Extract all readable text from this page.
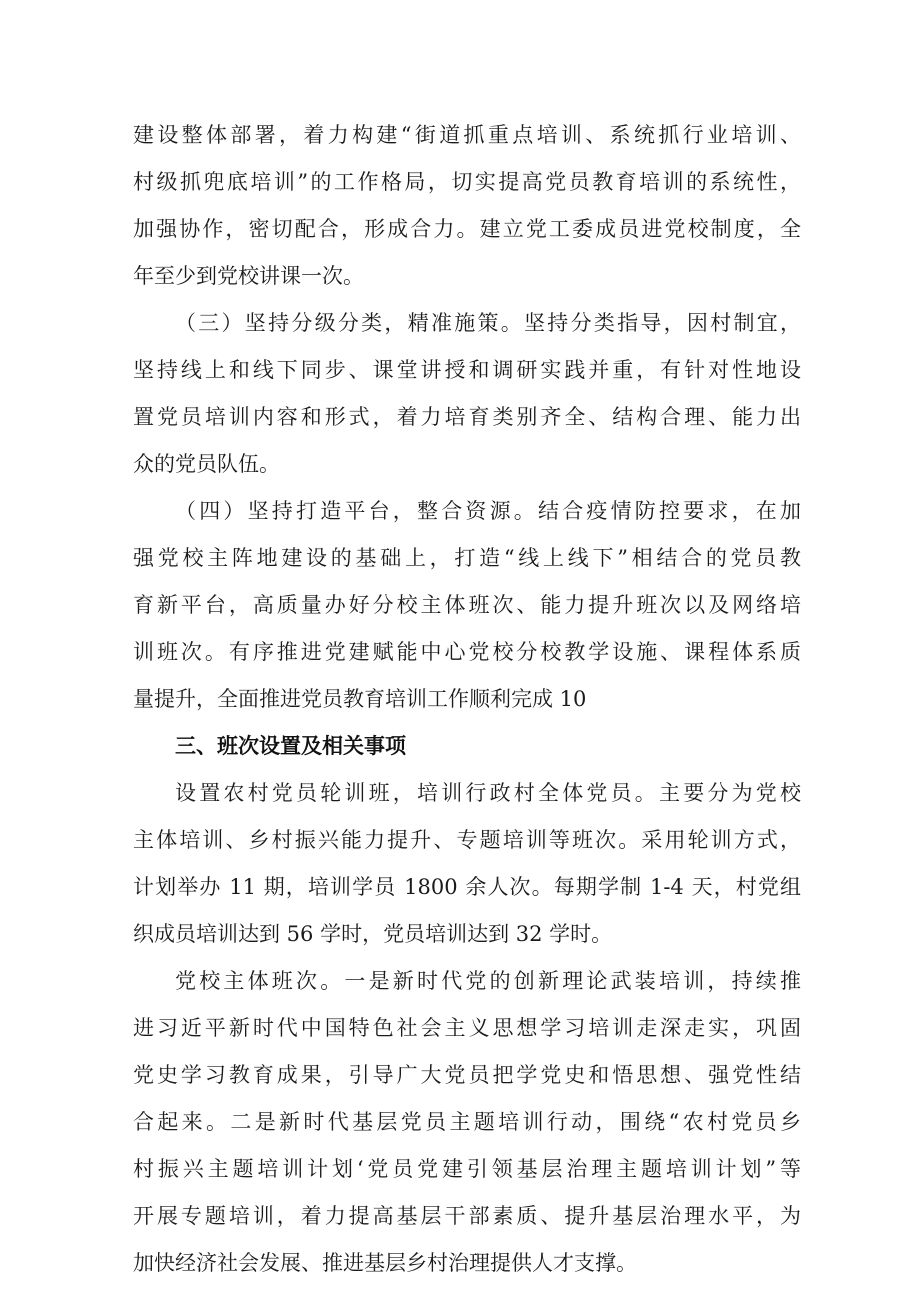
建设整体部署，着力构建“街道抓重点培训、系统抓行业培训、
村级抓兜底培训”的工作格局，切实提高党员教育培训的系统性，
加强协作，密切配合，形成合力。建立党工委成员进党校制度，全
年至少到党校讲课一次。
（三）坚持分级分类，精准施策。坚持分类指导，因村制宜，
坚持线上和线下同步、课堂讲授和调研实践并重，有针对性地设
置党员培训内容和形式，着力培育类别齐全、结构合理、能力出
众的党员队伍。
（四）坚持打造平台，整合资源。结合疫情防控要求，在加
强党校主阵地建设的基础上，打造“线上线下”相结合的党员教
育新平台，高质量办好分校主体班次、能力提升班次以及网络培
训班次。有序推进党建赋能中心党校分校教学设施、课程体系质
量提升，全面推进党员教育培训工作顺利完成 10
三、班次设置及相关事项
设置农村党员轮训班，培训行政村全体党员。主要分为党校
主体培训、乡村振兴能力提升、专题培训等班次。采用轮训方式，
计划举办 11 期，培训学员 1800 余人次。每期学制 1-4 天，村党组
织成员培训达到 56 学时，党员培训达到 32 学时。
党校主体班次。一是新时代党的创新理论武装培训，持续推
进习近平新时代中国特色社会主义思想学习培训走深走实，巩固
党史学习教育成果，引导广大党员把学党史和悟思想、强党性结
合起来。二是新时代基层党员主题培训行动，围绕“农村党员乡
村振兴主题培训计划‘党员党建引领基层治理主题培训计划”等
开展专题培训，着力提高基层干部素质、提升基层治理水平，为
加快经济社会发展、推进基层乡村治理提供人才支撑。
